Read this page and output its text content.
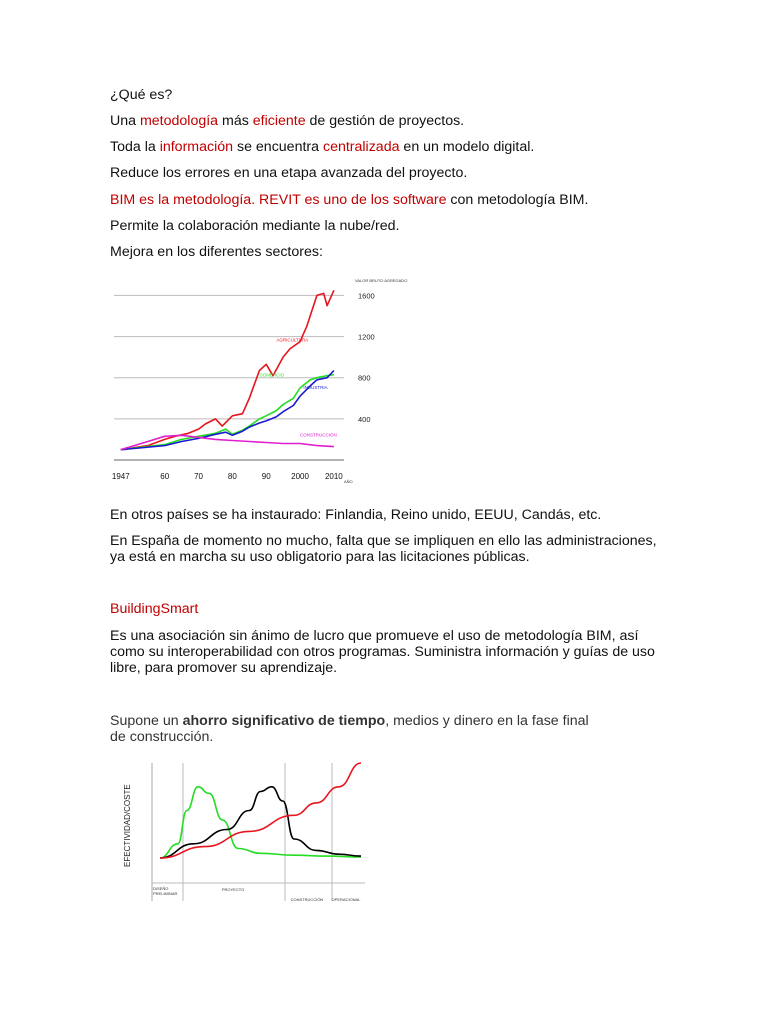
¿Qué es?
Una metodología más eficiente de gestión de proyectos.
Toda la información se encuentra centralizada en un modelo digital.
Reduce los errores en una etapa avanzada del proyecto.
BIM es la metodología. REVIT es uno de los software con metodología BIM.
Permite la colaboración mediante la nube/red.
Mejora en los diferentes sectores:
400
800
1200
1600
VALOR BRUTO AGREGADO
1947	60	70	80	90	2000 2010
AÑO
AGRICULTURA
COMERCIO
INDUSTRIA
CONSTRUCCION
En otros países se ha instaurado: Finlandia, Reino unido, EEUU, Candás, etc.
En España de momento no mucho, falta que se impliquen en ello las administraciones, ya está en marcha su uso obligatorio para las licitaciones públicas.
BuildingSmart
Es una asociación sin ánimo de lucro que promueve el uso de metodología BIM, así como su interoperabilidad con otros programas. Suministra información y guías de uso libre, para promover su aprendizaje.
Supone un ahorro significativo de tiempo, medios y dinero en la fase final de construcción.
EFECTIVIDAD/COSTE
DISEÑO PRELIMINAR
PROYECTO
CONSTRUCCIÓN OPERACIONAL
